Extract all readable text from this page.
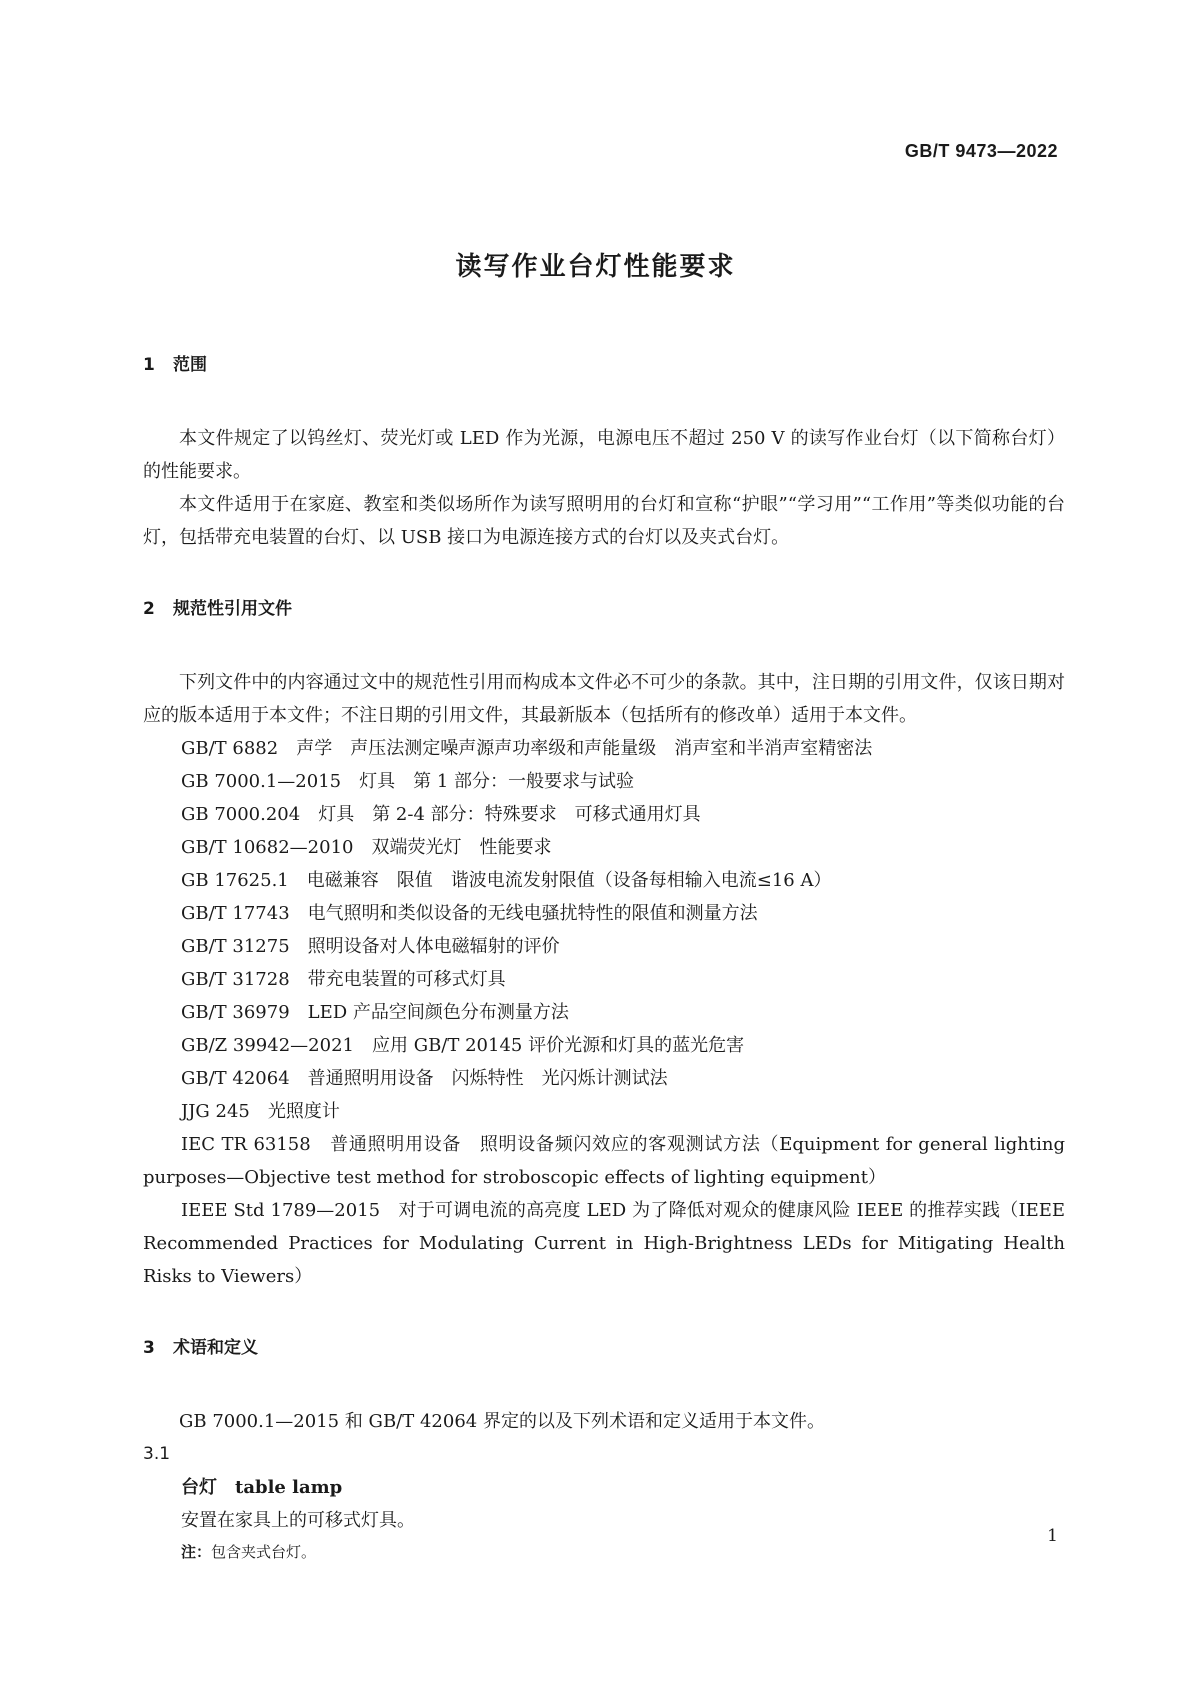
GB/T 9473—2022
读写作业台灯性能要求
1 范围

本文件规定了以钨丝灯、荧光灯或 LED 作为光源，电源电压不超过 250 V 的读写作业台灯（以下简称台灯）的性能要求。

本文件适用于在家庭、教室和类似场所作为读写照明用的台灯和宣称“护眼”“学习用”“工作用”等类似功能的台灯，包括带充电装置的台灯、以 USB 接口为电源连接方式的台灯以及夹式台灯。

2 规范性引用文件

下列文件中的内容通过文中的规范性引用而构成本文件必不可少的条款。其中，注日期的引用文件，仅该日期对应的版本适用于本文件；不注日期的引用文件，其最新版本（包括所有的修改单）适用于本文件。

GB/T 6882　声学　声压法测定噪声源声功率级和声能量级　消声室和半消声室精密法

GB 7000.1—2015　灯具　第 1 部分：一般要求与试验

GB 7000.204　灯具　第 2-4 部分：特殊要求　可移式通用灯具

GB/T 10682—2010　双端荧光灯　性能要求

GB 17625.1　电磁兼容　限值　谐波电流发射限值（设备每相输入电流≤16 A）

GB/T 17743　电气照明和类似设备的无线电骚扰特性的限值和测量方法

GB/T 31275　照明设备对人体电磁辐射的评价

GB/T 31728　带充电装置的可移式灯具

GB/T 36979　LED 产品空间颜色分布测量方法

GB/Z 39942—2021　应用 GB/T 20145 评价光源和灯具的蓝光危害

GB/T 42064　普通照明用设备　闪烁特性　光闪烁计测试法

JJG 245　光照度计

IEC TR 63158　普通照明用设备　照明设备频闪效应的客观测试方法（Equipment for general lighting purposes—Objective test method for stroboscopic effects of lighting equipment）

IEEE Std 1789—2015　对于可调电流的高亮度 LED 为了降低对观众的健康风险 IEEE 的推荐实践（IEEE Recommended Practices for Modulating Current in High-Brightness LEDs for Mitigating Health Risks to Viewers）

3 术语和定义

GB 7000.1—2015 和 GB/T 42064 界定的以及下列术语和定义适用于本文件。

3.1

台灯　 table lamp

安置在家具上的可移式灯具。

注：包含夹式台灯。

1
